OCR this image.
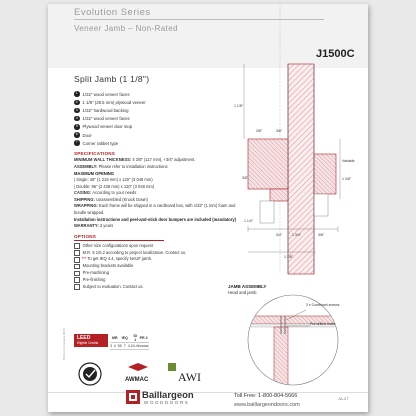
Evolution Series
Veneer Jamb – Non-Rated
J1500C
1 1/8"
3/8"	3/8"
Variable
3/8"	1 3/8"
3/4"	1 3/4"	3/8"
1 1/8"
1 1/4"
2 x Combined screws
Pre-drilled holes
JAMB ASSEMBLY
Head and jamb
Split Jamb (1 1/8")
1	1/32" wood veneer faces
2	1 1/8" (28.5 mm) plywood veneer
3	1/32" hardwood backing
4	1/32" wood veneer faces
5	Plywood veneer door stop
6	Door
7	Corner rabbet type
SPECIFICATIONS
MINIMUM WALL THICKNESS: 4 3/8" (117 mm), +3/4" adjustment.
ASSEMBLY: Please refer to installation instructions
MAXIMUM OPENING
| Single: 48" (1 219 mm) x 120" (3 048 mm)
| Double: 96" (2 438 mm) x 120" (3 048 mm)
CASING: According to your needs
SHIPPING: Unassembled (Knock Down)
WRAPPING: Each frame will be shipped in a cardboard box, with 1/32" (1 mm) foam and bundle wrapped.
Installation instructions and peel-and-stick door bumpers are included (mandatory)
WARRANTY: 3 years
OPTIONS
Other size configurations upon request
M.R. 5 1/5.2 according to project localization. Contact us.
*** To get IEQ 4.4, specify NAUF jamb.
Mounting brackets available
Pre-machining
Pre-finishing
Subject to evaluation. Contact us.
LEED
Eligible Credits
	MR			IEQ		ID 1	PR 2
3	4	5	6	7	4.2	4.4	innova.
AWMAC AWI
Printed in Canada 2015
Baillargeon
WOODDOORS
Toll Free: 1-800-804-5666
www.baillargeondoors.com
JA-27
